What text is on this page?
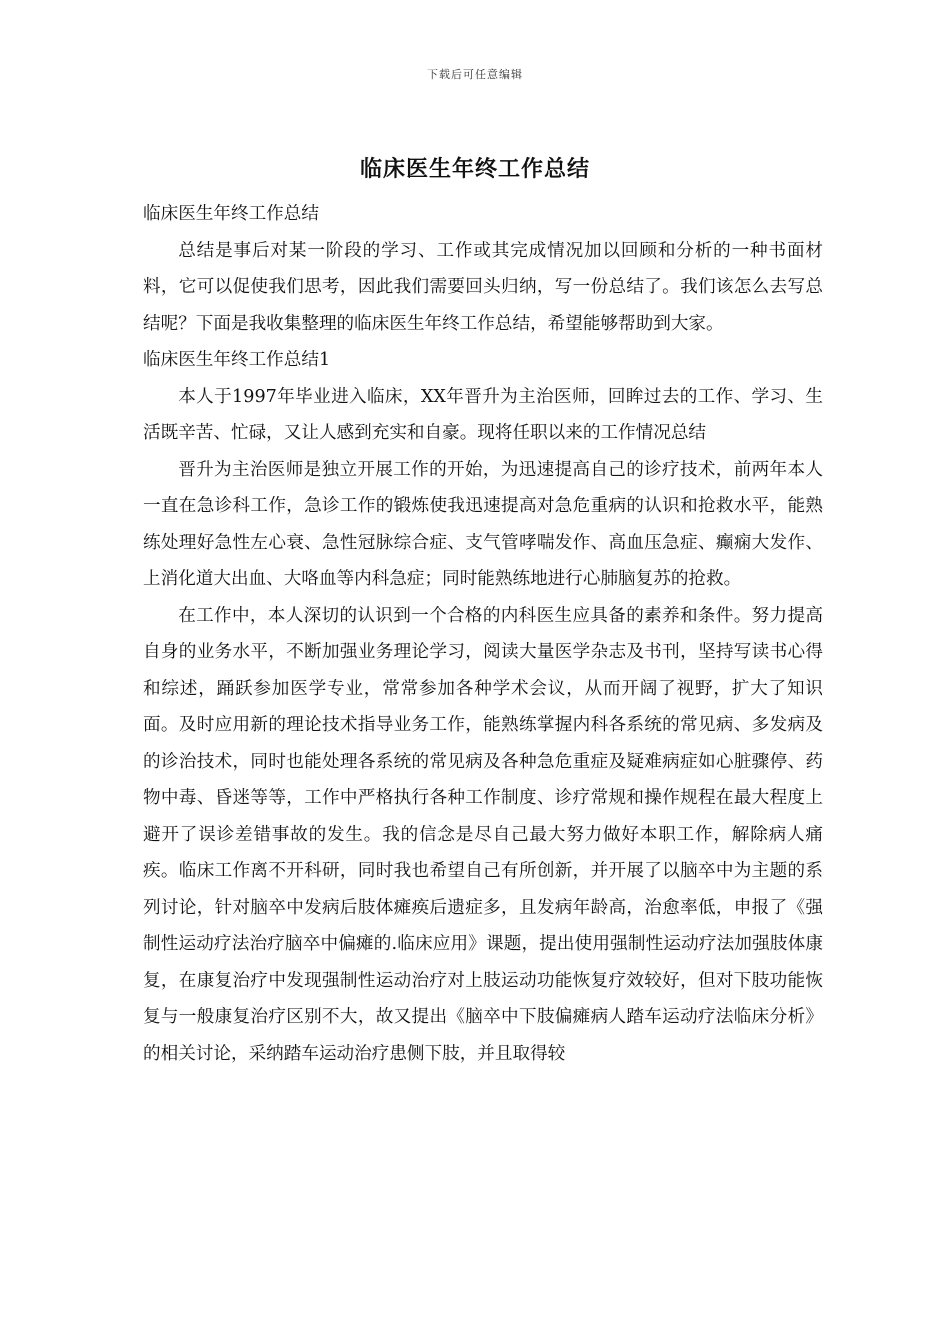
下载后可任意编辑
临床医生年终工作总结

临床医生年终工作总结

总结是事后对某一阶段的学习、工作或其完成情况加以回顾和分析的一种书面材料，它可以促使我们思考，因此我们需要回头归纳，写一份总结了。我们该怎么去写总结呢？下面是我收集整理的临床医生年终工作总结，希望能够帮助到大家。

临床医生年终工作总结1

本人于1997年毕业进入临床，XX年晋升为主治医师，回眸过去的工作、学习、生活既辛苦、忙碌，又让人感到充实和自豪。现将任职以来的工作情况总结

晋升为主治医师是独立开展工作的开始，为迅速提高自己的诊疗技术，前两年本人一直在急诊科工作，急诊工作的锻炼使我迅速提高对急危重病的认识和抢救水平，能熟练处理好急性左心衰、急性冠脉综合症、支气管哮喘发作、高血压急症、癫痫大发作、上消化道大出血、大咯血等内科急症；同时能熟练地进行心肺脑复苏的抢救。

在工作中，本人深切的认识到一个合格的内科医生应具备的素养和条件。努力提高自身的业务水平，不断加强业务理论学习，阅读大量医学杂志及书刊，坚持写读书心得和综述，踊跃参加医学专业，常常参加各种学术会议，从而开阔了视野，扩大了知识面。及时应用新的理论技术指导业务工作，能熟练掌握内科各系统的常见病、多发病及的诊治技术，同时也能处理各系统的常见病及各种急危重症及疑难病症如心脏骤停、药物中毒、昏迷等等，工作中严格执行各种工作制度、诊疗常规和操作规程在最大程度上避开了误诊差错事故的发生。我的信念是尽自己最大努力做好本职工作，解除病人痛疾。临床工作离不开科研，同时我也希望自己有所创新，并开展了以脑卒中为主题的系列讨论，针对脑卒中发病后肢体瘫痪后遗症多，且发病年龄高，治愈率低，申报了《强制性运动疗法治疗脑卒中偏瘫的.临床应用》课题，提出使用强制性运动疗法加强肢体康复，在康复治疗中发现强制性运动治疗对上肢运动功能恢复疗效较好，但对下肢功能恢复与一般康复治疗区别不大，故又提出《脑卒中下肢偏瘫病人踏车运动疗法临床分析》的相关讨论，采纳踏车运动治疗患侧下肢，并且取得较
